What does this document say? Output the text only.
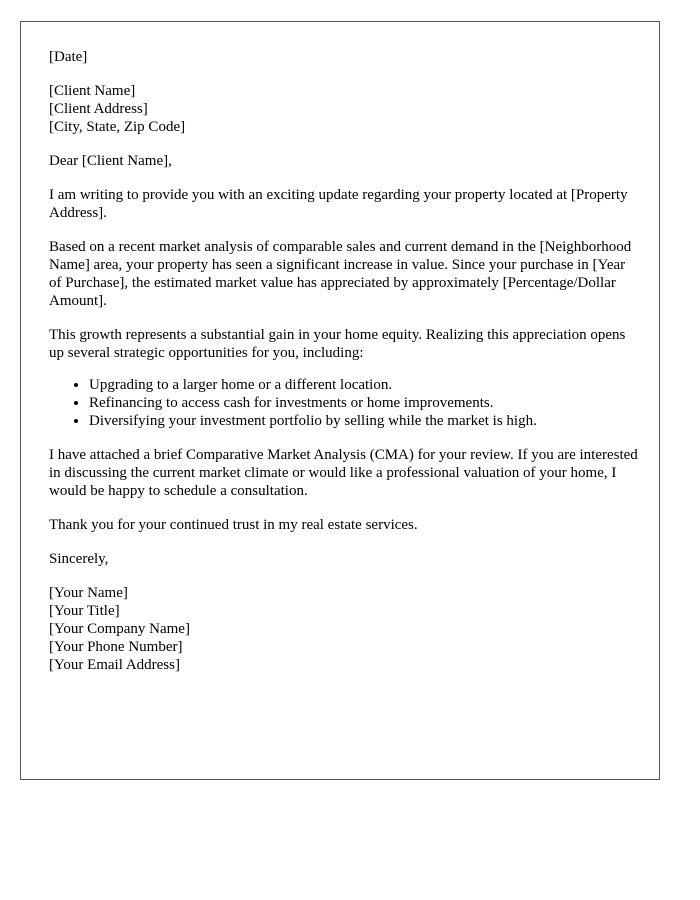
[Date]

[Client Name]
[Client Address]
[City, State, Zip Code]

Dear [Client Name],

I am writing to provide you with an exciting update regarding your property located at [Property Address].

Based on a recent market analysis of comparable sales and current demand in the [Neighborhood Name] area, your property has seen a significant increase in value. Since your purchase in [Year of Purchase], the estimated market value has appreciated by approximately [Percentage/Dollar Amount].

This growth represents a substantial gain in your home equity. Realizing this appreciation opens up several strategic opportunities for you, including:

• Upgrading to a larger home or a different location.
• Refinancing to access cash for investments or home improvements.
• Diversifying your investment portfolio by selling while the market is high.

I have attached a brief Comparative Market Analysis (CMA) for your review. If you are interested in discussing the current market climate or would like a professional valuation of your home, I would be happy to schedule a consultation.

Thank you for your continued trust in my real estate services.

Sincerely,

[Your Name]
[Your Title]
[Your Company Name]
[Your Phone Number]
[Your Email Address]
